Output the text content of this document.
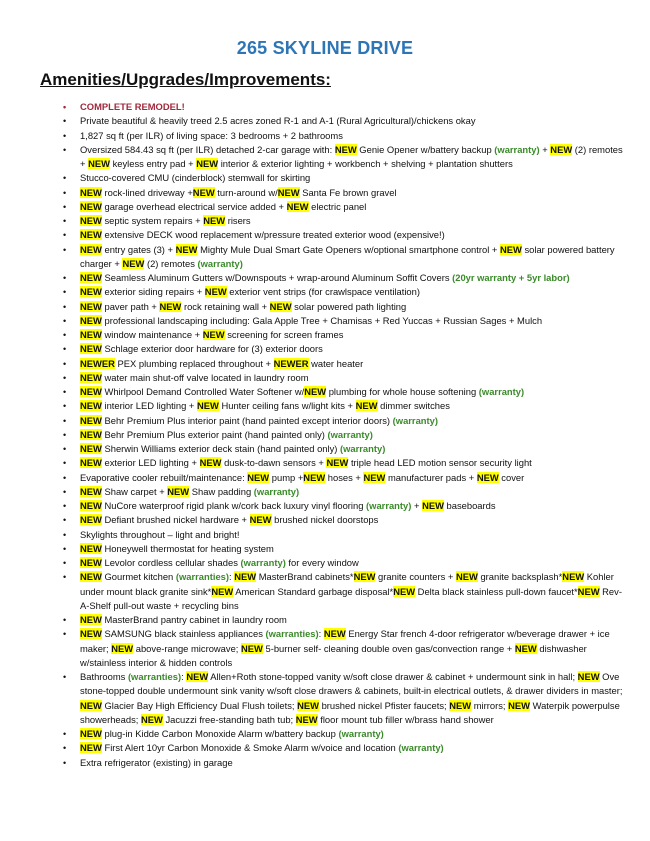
265 SKYLINE DRIVE
Amenities/Upgrades/Improvements:
• COMPLETE REMODEL!
• Private beautiful & heavily treed 2.5 acres zoned R-1 and A-1 (Rural Agricultural)/chickens okay
• 1,827 sq ft (per ILR) of living space: 3 bedrooms + 2 bathrooms
• Oversized 584.43 sq ft (per ILR) detached 2-car garage with: NEW Genie Opener w/battery backup (warranty) + NEW (2) remotes + NEW keyless entry pad + NEW interior & exterior lighting + workbench + shelving + plantation shutters
• Stucco-covered CMU (cinderblock) stemwall for skirting
• NEW rock-lined driveway +NEW turn-around w/NEW Santa Fe brown gravel
• NEW garage overhead electrical service added + NEW electric panel
• NEW septic system repairs + NEW risers
• NEW extensive DECK wood replacement w/pressure treated exterior wood (expensive!)
• NEW entry gates (3) + NEW Mighty Mule Dual Smart Gate Openers w/optional smartphone control + NEW solar powered battery charger + NEW (2) remotes (warranty)
• NEW Seamless Aluminum Gutters w/Downspouts + wrap-around Aluminum Soffit Covers (20yr warranty + 5yr labor)
• NEW exterior siding repairs + NEW exterior vent strips (for crawlspace ventilation)
• NEW paver path + NEW rock retaining wall + NEW solar powered path lighting
• NEW professional landscaping including: Gala Apple Tree + Chamisas + Red Yuccas + Russian Sages + Mulch
• NEW window maintenance + NEW screening for screen frames
• NEW Schlage exterior door hardware for (3) exterior doors
• NEWER PEX plumbing replaced throughout + NEWER water heater
• NEW water main shut-off valve located in laundry room
• NEW Whirlpool Demand Controlled Water Softener w/NEW plumbing for whole house softening (warranty)
• NEW interior LED lighting + NEW Hunter ceiling fans w/light kits + NEW dimmer switches
• NEW Behr Premium Plus interior paint (hand painted except interior doors) (warranty)
• NEW Behr Premium Plus exterior paint (hand painted only) (warranty)
• NEW Sherwin Williams exterior deck stain (hand painted only) (warranty)
• NEW exterior LED lighting + NEW dusk-to-dawn sensors + NEW triple head LED motion sensor security light
• Evaporative cooler rebuilt/maintenance: NEW pump +NEW hoses + NEW manufacturer pads + NEW cover
• NEW Shaw carpet + NEW Shaw padding (warranty)
• NEW NuCore waterproof rigid plank w/cork back luxury vinyl flooring (warranty) + NEW baseboards
• NEW Defiant brushed nickel hardware + NEW brushed nickel doorstops
• Skylights throughout – light and bright!
• NEW Honeywell thermostat for heating system
• NEW Levolor cordless cellular shades (warranty) for every window
• NEW Gourmet kitchen (warranties): NEW MasterBrand cabinets*NEW granite counters + NEW granite backsplash*NEW Kohler under mount black granite sink*NEW American Standard garbage disposal*NEW Delta black stainless pull-down faucet*NEW Rev-A-Shelf pull-out waste + recycling bins
• NEW MasterBrand pantry cabinet in laundry room
• NEW SAMSUNG black stainless appliances (warranties): NEW Energy Star french 4-door refrigerator w/beverage drawer + ice maker; NEW above-range microwave; NEW 5-burner self- cleaning double oven gas/convection range + NEW dishwasher w/stainless interior & hidden controls
• Bathrooms (warranties): NEW Allen+Roth stone-topped vanity w/soft close drawer & cabinet + undermount sink in hall; NEW Ove stone-topped double undermount sink vanity w/soft close drawers & cabinets, built-in electrical outlets, & drawer dividers in master; NEW Glacier Bay High Efficiency Dual Flush toilets; NEW brushed nickel Pfister faucets; NEW mirrors; NEW Waterpik powerpulse showerheads; NEW Jacuzzi free-standing bath tub; NEW floor mount tub filler w/brass hand shower
• NEW plug-in Kidde Carbon Monoxide Alarm w/battery backup (warranty)
• NEW First Alert 10yr Carbon Monoxide & Smoke Alarm w/voice and location (warranty)
• Extra refrigerator (existing) in garage
